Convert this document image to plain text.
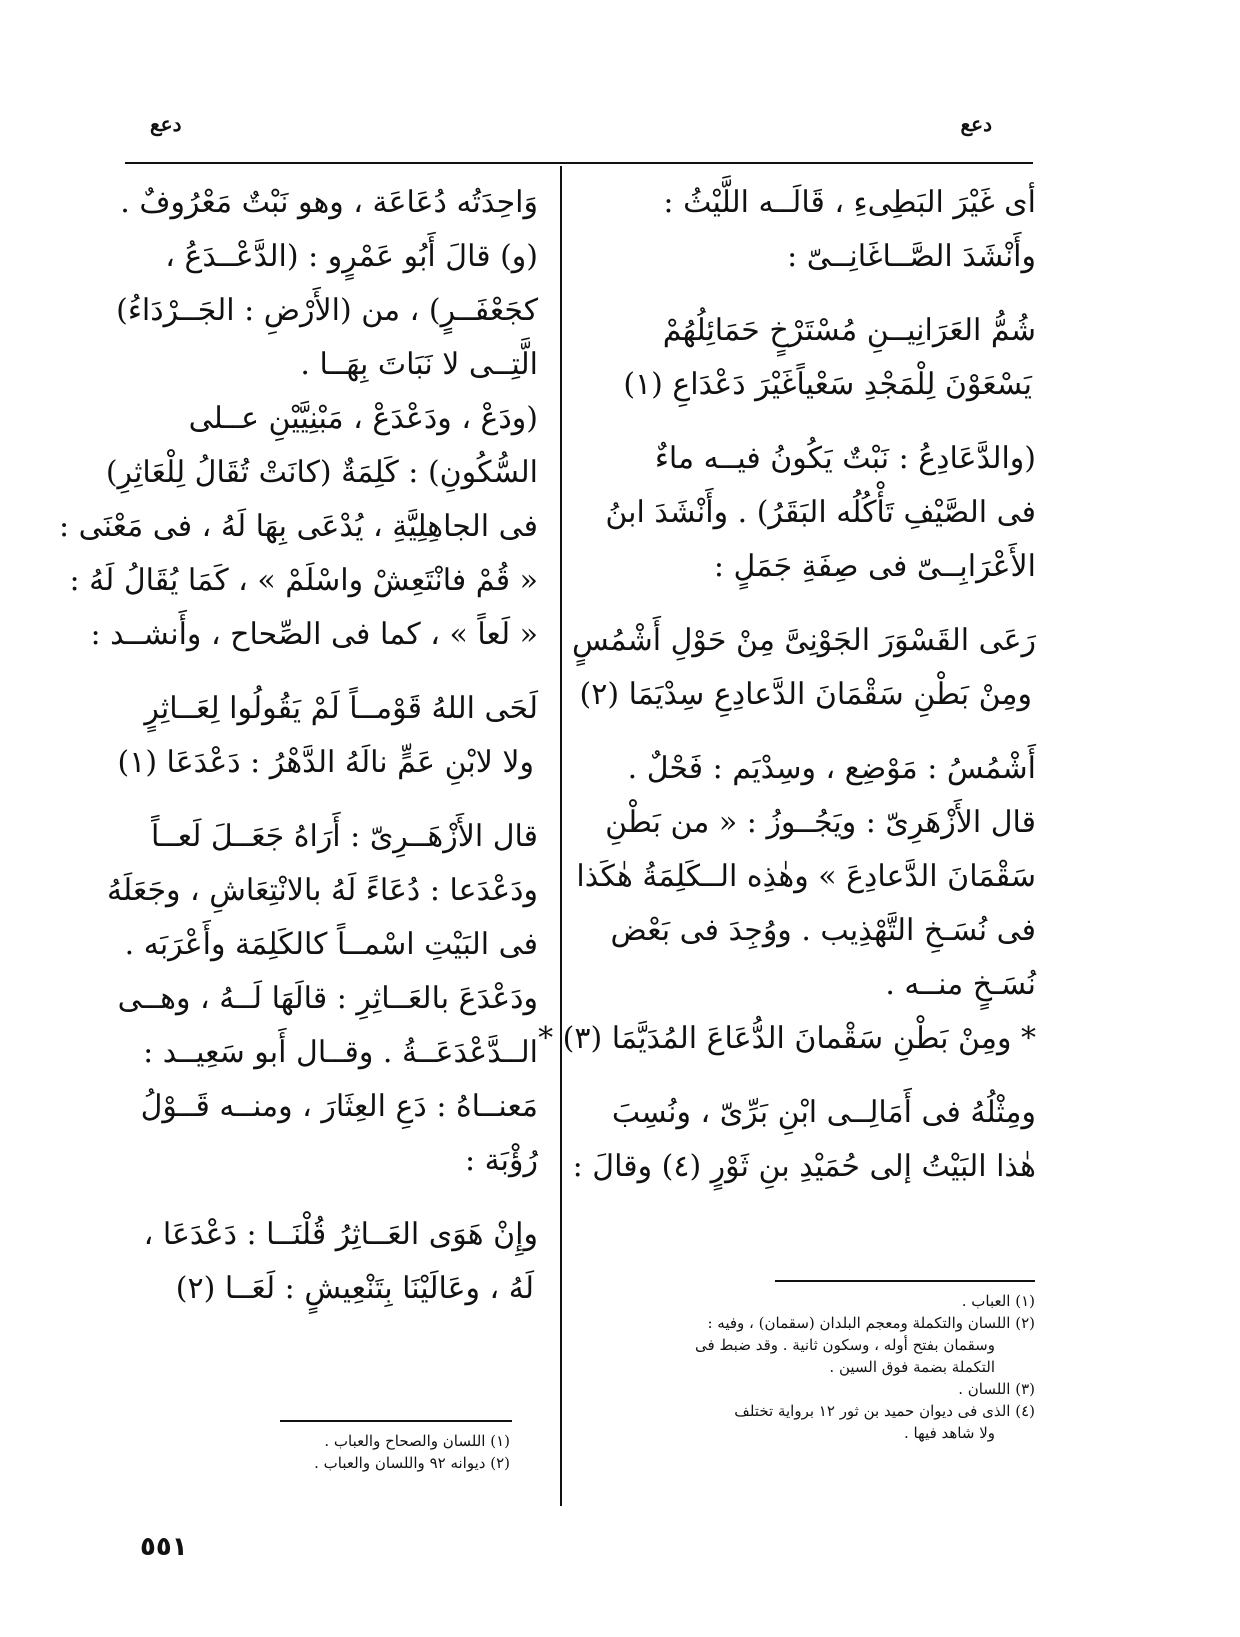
دعع
دعع
أى غَيْرَ البَطِىءِ ، قَالَــه اللَّيْثُ :
وأَنْشَدَ الصَّــاغَانِــىّ :
شُمُّ العَرَانِيــنِ مُسْتَرْخٍ حَمَائِلُهُمْ
يَسْعَوْنَ لِلْمَجْدِ سَعْياًغَيْرَ دَعْدَاعِ (١)
(والدَّعَادِعُ : نَبْتٌ يَكُونُ فيــه ماءٌ
فى الصَّيْفِ تَأْكُلُه البَقَرُ) . وأَنْشَدَ ابنُ
الأَعْرَابِــىّ فى صِفَةِ جَمَلٍ :
رَعَى القَسْوَرَ الجَوْنِىَّ مِنْ حَوْلِ أَشْمُسٍ
ومِنْ بَطْنِ سَقْمَانَ الدَّعادِعِ سِدْيَمَا (٢)
أَشْمُسُ : مَوْضِع ، وسِدْيَم : فَحْلٌ .
قال الأَزْهَرِىّ : ويَجُــوزُ : « من بَطْنِ
سَقْمَانَ الدَّعادِعَ » وهٰذِه الــكَلِمَةُ هٰكَذا
فى نُسَـخِ التَّهْذِيب . ووُجِدَ فى بَعْض
نُسَـخٍ منــه .
* ومِنْ بَطْنِ سَقْمانَ الدُّعَاعَ المُدَيَّمَا (٣) *
ومِثْلُهُ فى أَمَالِــى ابْنِ بَرِّىّ ، ونُسِبَ
هٰذا البَيْتُ إلى حُمَيْدِ بنِ ثَوْرٍ (٤) وقالَ :
وَاحِدَتُه دُعَاعَة ، وهو نَبْتٌ مَعْرُوفٌ .
(و) قالَ أَبُو عَمْرٍو : (الدَّعْــدَعُ ،
كجَعْفَــرٍ) ، من (الأَرْضِ : الجَــرْدَاءُ)
الَّتِــى لا نَبَاتَ بِهَــا .
(ودَعْ ، ودَعْدَعْ ، مَبْنِيَّيْنِ عــلى
السُّكُونِ) : كَلِمَةٌ (كانَتْ تُقَالُ لِلْعَاثِرِ)
فى الجاهِلِيَّةِ ، يُدْعَى بِهَا لَهُ ، فى مَعْنَى :
« قُمْ فانْتَعِشْ واسْلَمْ » ، كَمَا يُقَالُ لَهُ :
« لَعاً » ، كما فى الصِّحاح ، وأَنشــد :
لَحَى اللهُ قَوْمــاً لَمْ يَقُولُوا لِعَــاثِرٍ
ولا لابْنِ عَمٍّ نالَهُ الدَّهْرُ : دَعْدَعَا (١)
قال الأَزْهَــرِىّ : أَرَاهُ جَعَــلَ لَعــاً
ودَعْدَعا : دُعَاءً لَهُ بالانْتِعَاشِ ، وجَعَلَهُ
فى البَيْتِ اسْمــاً كالكَلِمَة وأَعْرَبَه .
ودَعْدَعَ بالعَــاثِرِ : قالَهَا لَــهُ ، وهــى
الــدَّعْدَعَــةُ . وقــال أَبو سَعِيــد :
مَعنــاهُ : دَعِ العِثَارَ ، ومنــه قَــوْلُ
رُؤْبَة :
وإِنْ هَوَى العَــاثِرُ قُلْنَــا : دَعْدَعَا ،
لَهُ ، وعَالَيْنَا بِتَنْعِيشٍ : لَعَــا (٢)	(١) العباب .
(٢) اللسان والتكملة ومعجم البلدان (سقمان) ، وفيه :
وسقمان بفتح أوله ، وسكون ثانية . وقد ضبط فى
التكملة بضمة فوق السين .
(٣) اللسان .
(٤) الذى فى ديوان حميد بن ثور ١٢ برواية تختلف
ولا شاهد فيها .
(١) اللسان والصحاح والعباب .
(٢) ديوانه ٩٢ واللسان والعباب .
٥٥١
